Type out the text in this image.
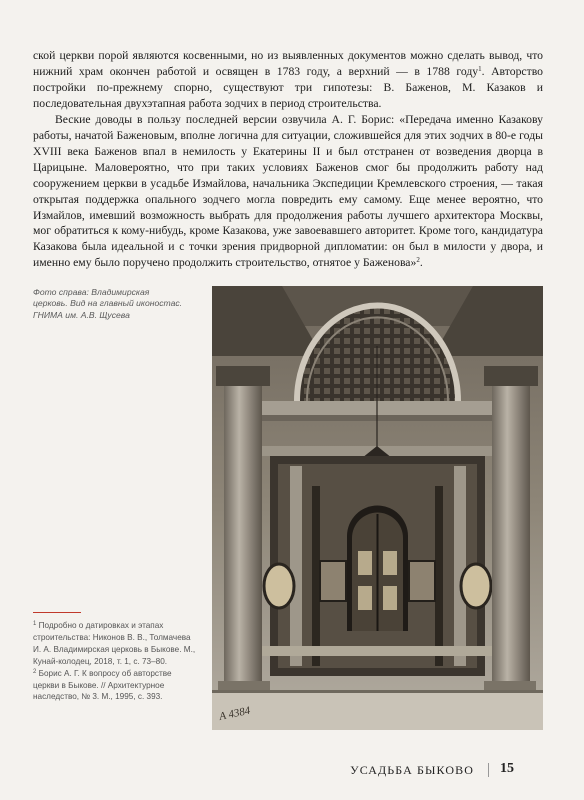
ской церкви порой являются косвенными, но из выявленных документов можно сделать вывод, что нижний храм окончен работой и освящен в 1783 году, а верхний — в 1788 году$^1$. Авторство постройки по-прежнему спорно, существуют три гипотезы: В. Баженов, М. Казаков и последовательная двухэтапная работа зодчих в период строительства.

Веские доводы в пользу последней версии озвучила А. Г. Борис: «Передача именно Казакову работы, начатой Баженовым, вполне логична для ситуации, сложившейся для этих зодчих в 80-е годы XVIII века Баженов впал в немилость у Екатерины II и был отстранен от возведения дворца в Царицыне. Маловероятно, что при таких условиях Баженов смог бы продолжить работу над сооружением церкви в усадьбе Измайлова, начальника Экспедиции Кремлевского строения, — такая открытая поддержка опального зодчего могла повредить ему самому. Еще менее вероятно, что Измайлов, имевший возможность выбрать для продолжения работы лучшего архитектора Москвы, мог обратиться к кому-нибудь, кроме Казакова, уже завоевавшего авторитет. Кроме того, кандидатура Казакова была идеальной и с точки зрения придворной дипломатии: он был в милости у двора, и именно ему было поручено продолжить строительство, отнятое у Баженова»$^2$.

Фото справа: Владимирская церковь. Вид на главный иконостас. ГНИМА им. А.В. Щусева

$^1$ Подробно о датировках и этапах строительства: Никонов В. В., Толмачева И. А. Владимирская церковь в Быкове. М., Кунай-колодец, 2018, т. 1, с. 73–80.

$^2$ Борис А. Г. К вопросу об авторстве церкви в Быкове. // Архитектурное наследство, № 3. М., 1995, с. 393.

А 4384
УСАДЬБА БЫКОВО 15
